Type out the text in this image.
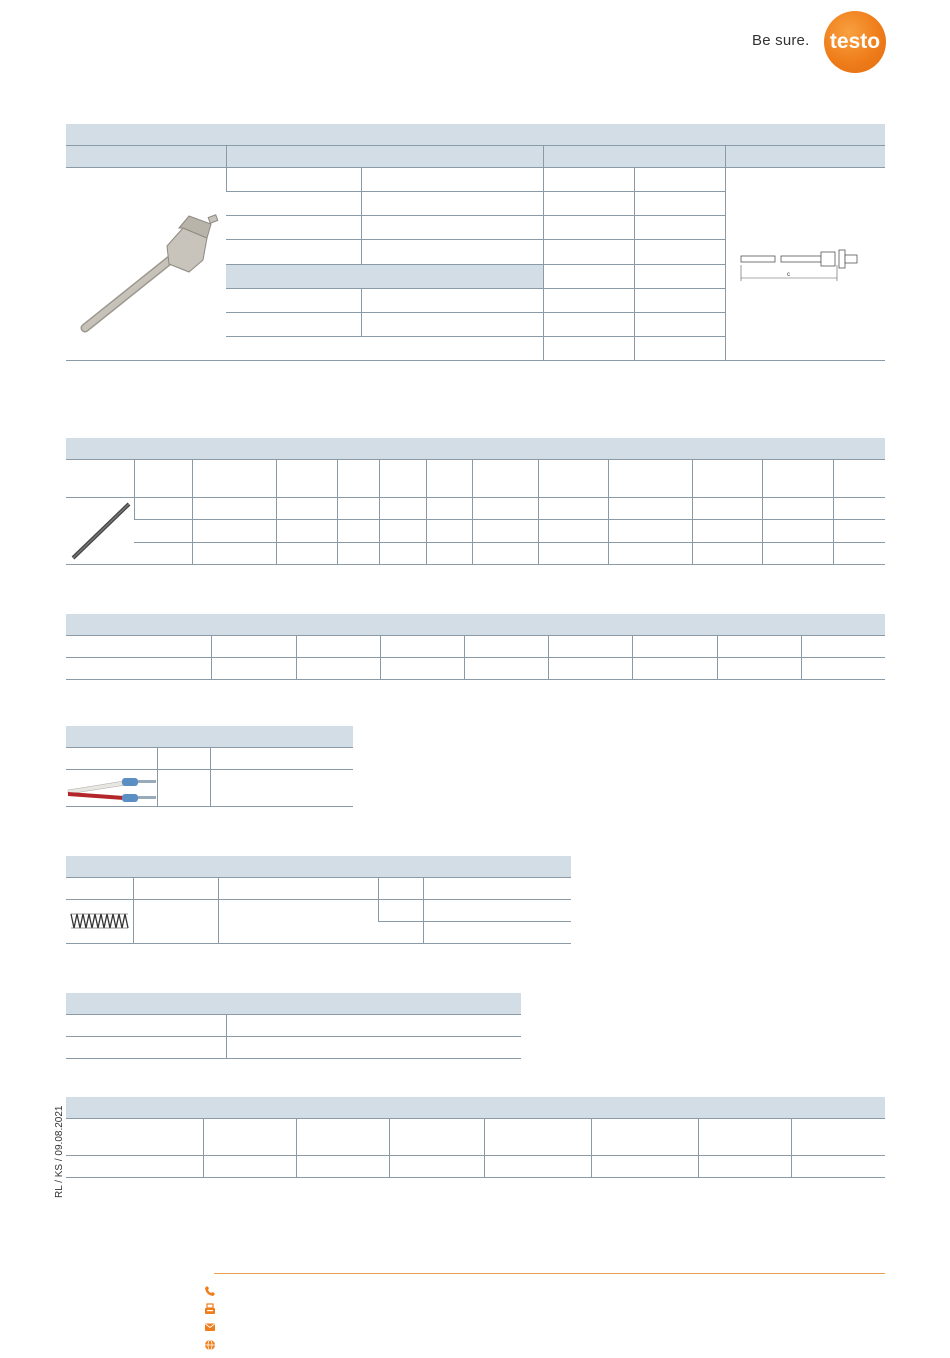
Be sure. testo

c

RL / KS / 09.08.2021
